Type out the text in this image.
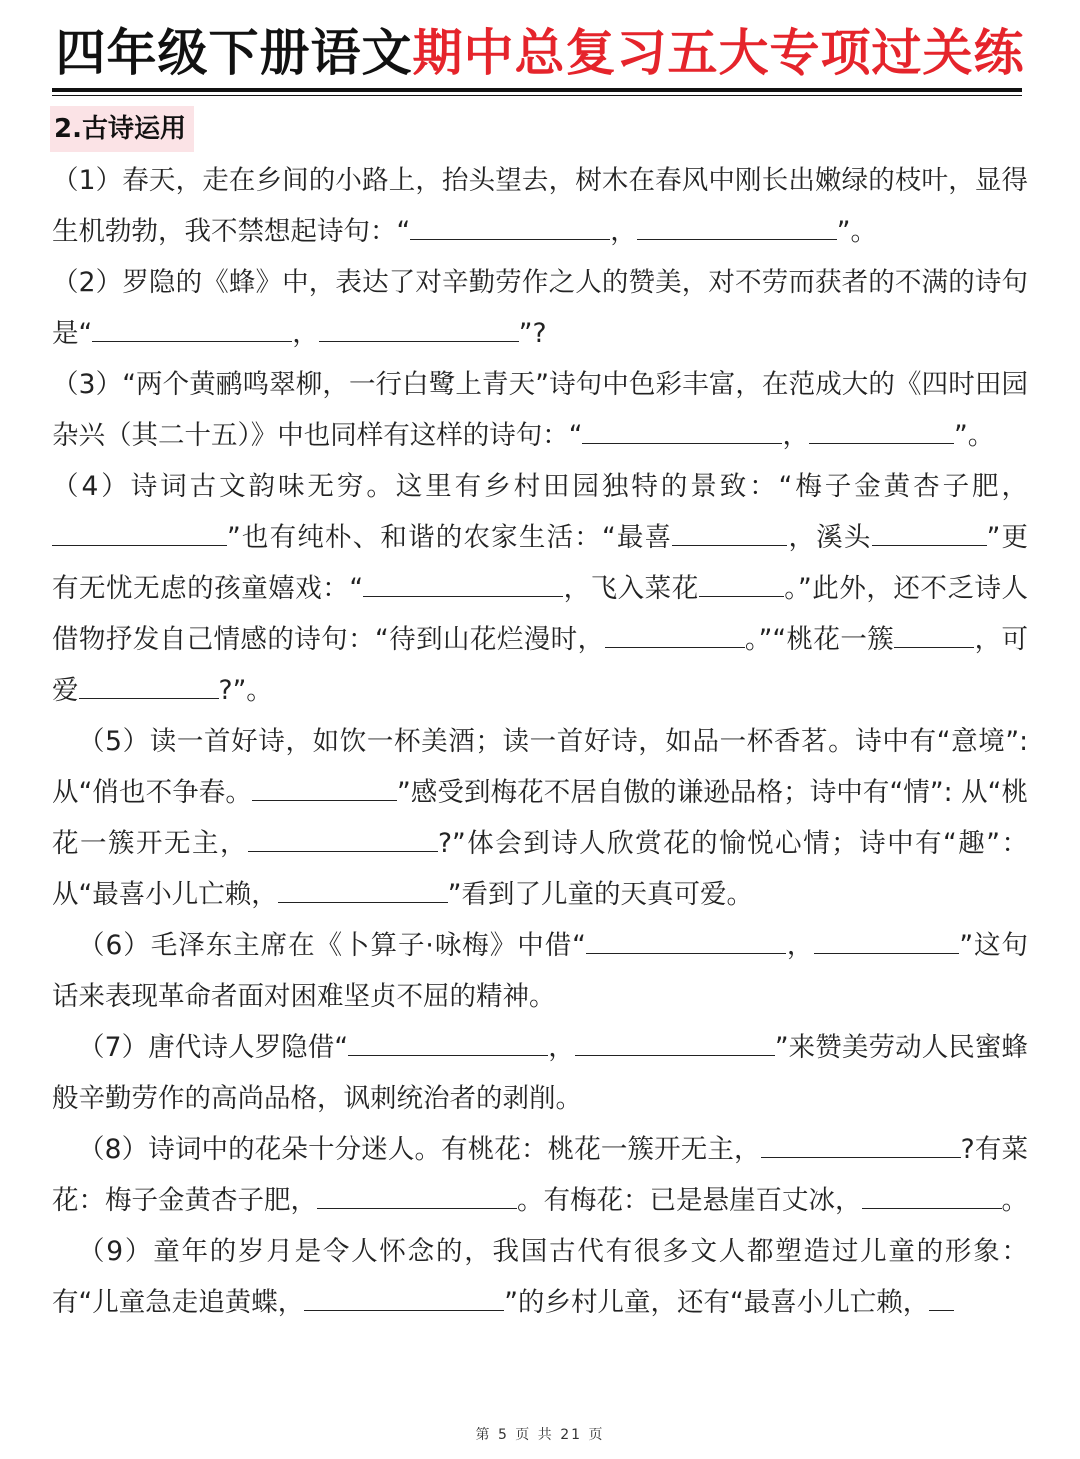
四年级下册语文期中总复习五大专项过关练
2.古诗运用

（1）春天，走在乡间的小路上，抬头望去，树木在春风中刚长出嫩绿的枝叶，显得生机勃勃，我不禁想起诗句：“	，	”。

（2）罗隐的《蜂》中，表达了对辛勤劳作之人的赞美，对不劳而获者的不满的诗句是“	，	”?

（3）“两个黄鹂鸣翠柳，一行白鹭上青天”诗句中色彩丰富，在范成大的《四时田园杂兴（其二十五）》中也同样有这样的诗句：“	，	”。

（4）诗词古文韵味无穷。这里有乡村田园独特的景致：“梅子金黄杏子肥，”也有纯朴、和谐的农家生活：“最喜	，溪头	”更有无忧无虑的孩童嬉戏：“	，飞入菜花	。”此外，还不乏诗人借物抒发自己情感的诗句：“待到山花烂漫时，	。”“桃花一簇	，可爱	?”。

（5）读一首好诗，如饮一杯美酒；读一首好诗，如品一杯香茗。诗中有“意境”: 从“俏也不争春。	”感受到梅花不居自傲的谦逊品格；诗中有“情”: 从“桃花一簇开无主，	?”体会到诗人欣赏花的愉悦心情；诗中有“趣”：从“最喜小儿亡赖，	”看到了儿童的天真可爱。

（6）毛泽东主席在《卜算子·咏梅》中借“	，	”这句话来表现革命者面对困难坚贞不屈的精神。

（7）唐代诗人罗隐借“	，	”来赞美劳动人民蜜蜂般辛勤劳作的高尚品格，讽刺统治者的剥削。

（8）诗词中的花朵十分迷人。有桃花：桃花一簇开无主，	?有菜花：梅子金黄杏子肥，	。有梅花：已是悬崖百丈冰，	。

（9）童年的岁月是令人怀念的，我国古代有很多文人都塑造过儿童的形象：有“儿童急走追黄蝶，	”的乡村儿童，还有“最喜小儿亡赖，

第 5 页 共 21 页
